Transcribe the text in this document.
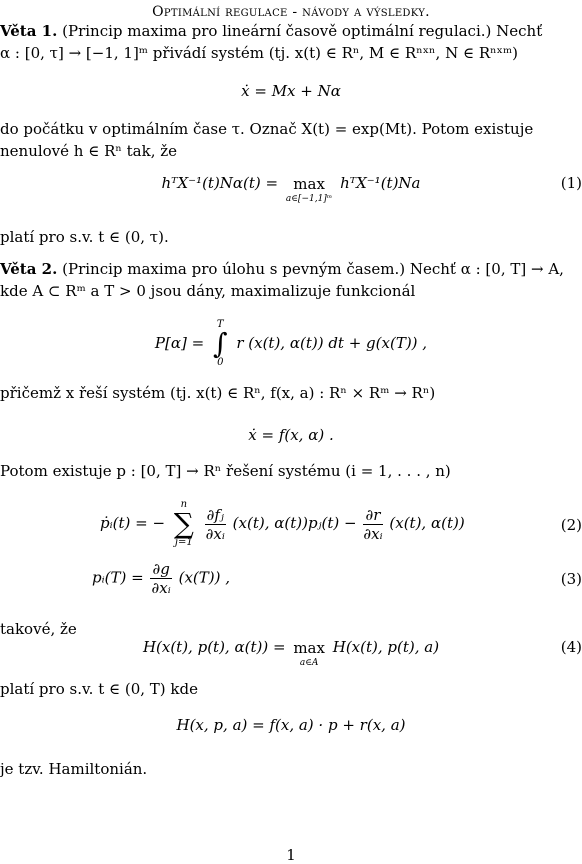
Optimální regulace - návody a výsledky.
Věta 1. (Princip maxima pro lineární časově optimální regulaci.) Nechť
α : [0, τ] → [−1, 1]ᵐ přivádí systém (tj. x(t) ∈ Rⁿ, M ∈ Rⁿˣⁿ, N ∈ Rⁿˣᵐ)
ẋ = Mx + Nα
do počátku v optimálním čase τ. Označ X(t) = exp(Mt). Potom existuje
nenulové h ∈ Rⁿ tak, že
hᵀX⁻¹(t)Nα(t) =	max
a∈[−1,1]ᵐ
hᵀX⁻¹(t)Na	(1)
platí pro s.v. t ∈ (0, τ).
Věta 2. (Princip maxima pro úlohu s pevným časem.) Nechť α : [0, T] → A,
kde A ⊂ Rᵐ a T > 0 jsou dány, maximalizuje funkcionál
P[α] =
T
∫
0
r (x(t), α(t)) dt + g(x(T)) ,
přičemž x řeší systém (tj. x(t) ∈ Rⁿ, f(x, a) : Rⁿ × Rᵐ → Rⁿ)
ẋ = f(x, α) .
Potom existuje p : [0, T] → Rⁿ řešení systému (i = 1, . . . , n)
ṗᵢ(t) = −
n
∑
j=1
$\frac{\text{∂fⱼ}}{\text{∂xᵢ}} (x(t)$, α(t))pⱼ(t) − $\frac{\partial r}{\text{∂xᵢ}} (x(t)$, α(t))	(2)
pᵢ(T) = $\frac{\partial g}{\text{∂xᵢ}} (x(T))$ ,	(3)
takové, že
H(x(t), p(t), α(t)) = max
a∈A
H(x(t), p(t), a)	(4)
platí pro s.v. t ∈ (0, T) kde
H(x, p, a) = f(x, a) · p + r(x, a)
je tzv. Hamiltonián.
1
